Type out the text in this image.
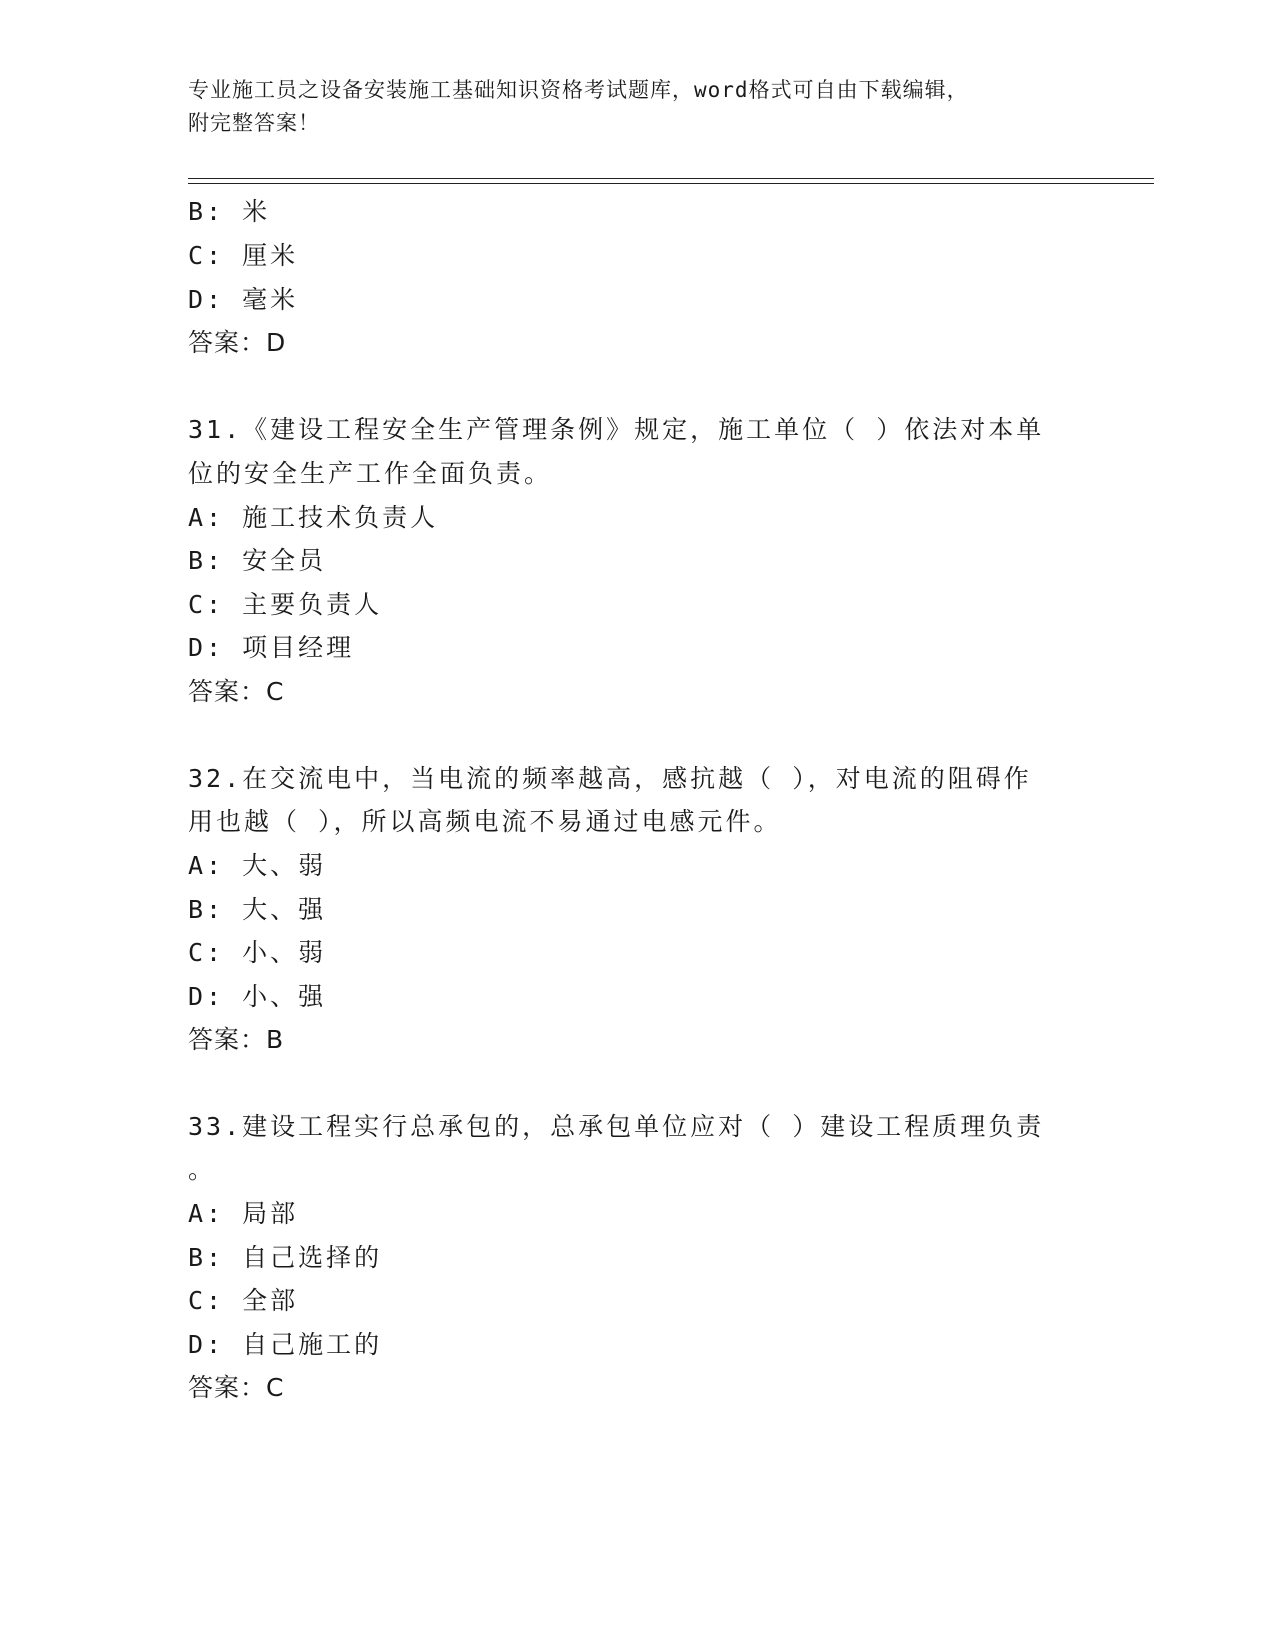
专业施工员之设备安装施工基础知识资格考试题库，word格式可自由下载编辑，
附完整答案！
B: 米
C: 厘米
D: 毫米
答案：D
31.《建设工程安全生产管理条例》规定，施工单位（ ）依法对本单
位的安全生产工作全面负责。
A: 施工技术负责人
B: 安全员
C: 主要负责人
D: 项目经理
答案：C
32.在交流电中，当电流的频率越高，感抗越（ ），对电流的阻碍作
用也越（ ），所以高频电流不易通过电感元件。
A: 大、弱
B: 大、强
C: 小、弱
D: 小、强
答案：B
33.建设工程实行总承包的，总承包单位应对（ ）建设工程质理负责
。
A: 局部
B: 自己选择的
C: 全部
D: 自己施工的
答案：C
